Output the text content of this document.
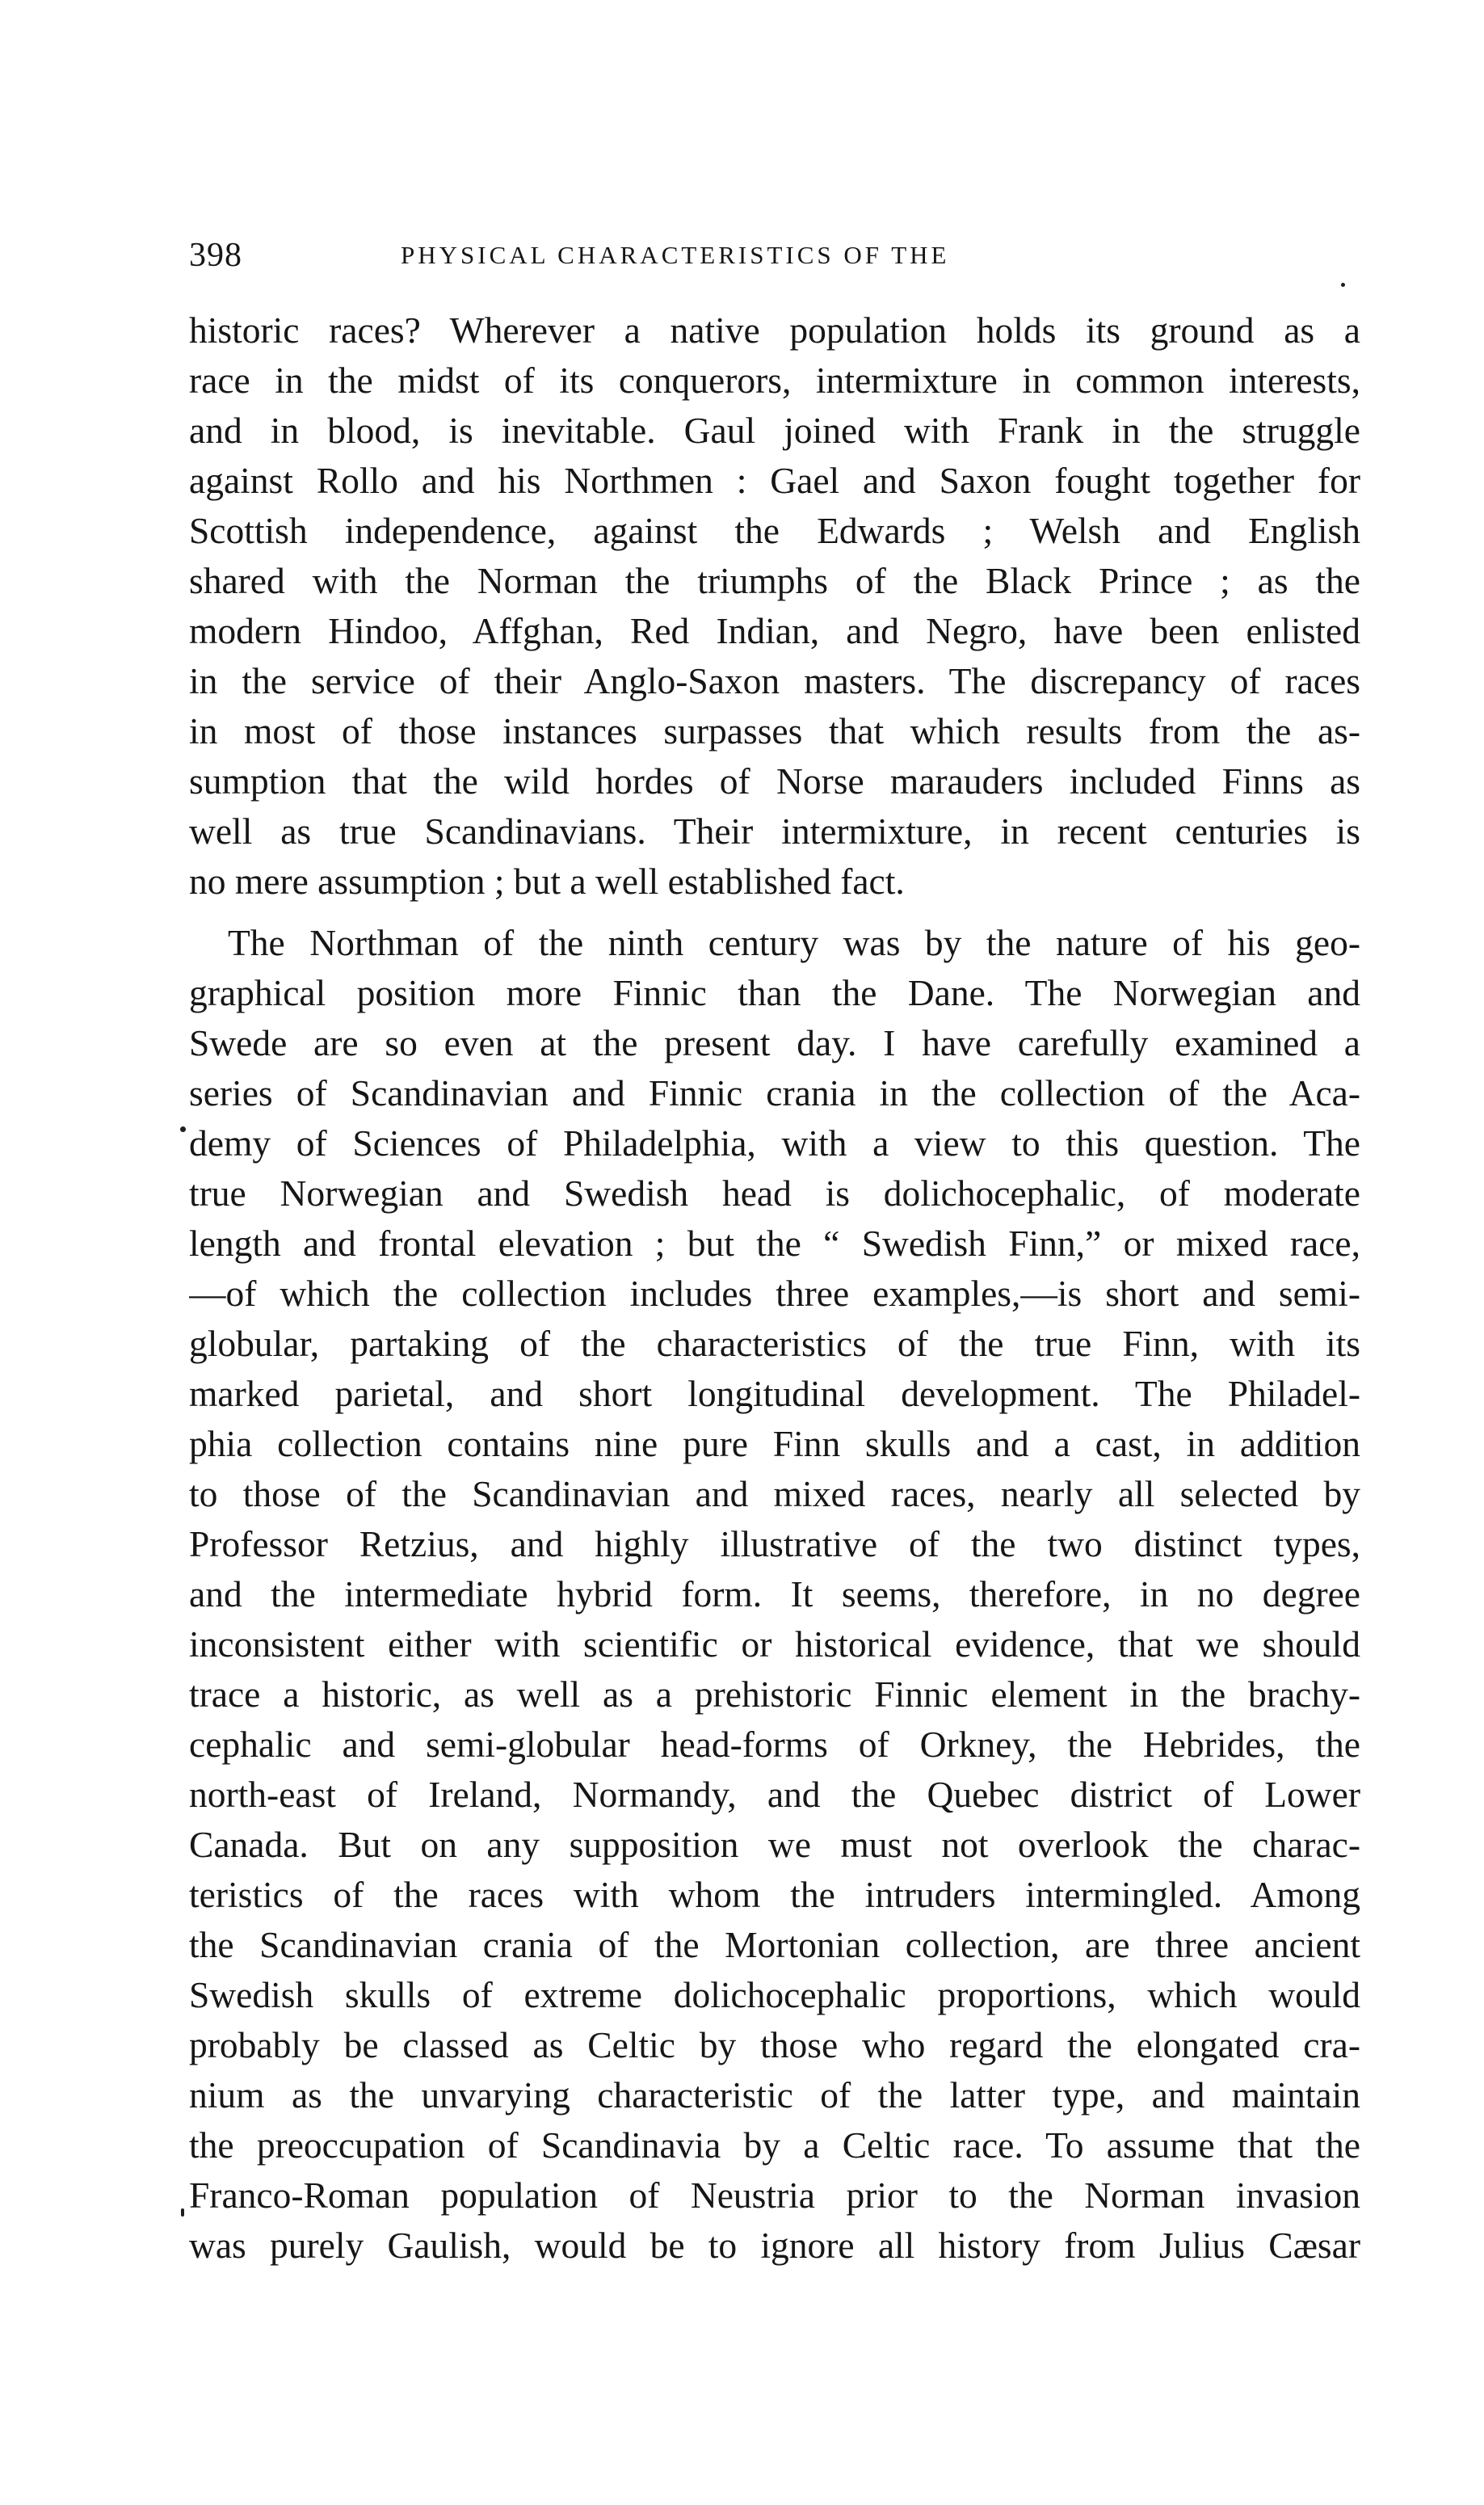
398	PHYSICAL CHARACTERISTICS OF THE
historic races? Wherever a native population holds its ground as a
race in the midst of its conquerors, intermixture in common interests,
and in blood, is inevitable. Gaul joined with Frank in the struggle
against Rollo and his Northmen : Gael and Saxon fought together for
Scottish independence, against the Edwards ; Welsh and English
shared with the Norman the triumphs of the Black Prince ; as the
modern Hindoo, Affghan, Red Indian, and Negro, have been enlisted
in the service of their Anglo-Saxon masters. The discrepancy of races
in most of those instances surpasses that which results from the as-
sumption that the wild hordes of Norse marauders included Finns as
well as true Scandinavians. Their intermixture, in recent centuries is
no mere assumption ; but a well established fact.
The Northman of the ninth century was by the nature of his geo-
graphical position more Finnic than the Dane. The Norwegian and
Swede are so even at the present day. I have carefully examined a
series of Scandinavian and Finnic crania in the collection of the Aca-
demy of Sciences of Philadelphia, with a view to this question. The
true Norwegian and Swedish head is dolichocephalic, of moderate
length and frontal elevation ; but the “ Swedish Finn,” or mixed race,
—of which the collection includes three examples,—is short and semi-
globular, partaking of the characteristics of the true Finn, with its
marked parietal, and short longitudinal development. The Philadel-
phia collection contains nine pure Finn skulls and a cast, in addition
to those of the Scandinavian and mixed races, nearly all selected by
Professor Retzius, and highly illustrative of the two distinct types,
and the intermediate hybrid form. It seems, therefore, in no degree
inconsistent either with scientific or historical evidence, that we should
trace a historic, as well as a prehistoric Finnic element in the brachy-
cephalic and semi-globular head-forms of Orkney, the Hebrides, the
north-east of Ireland, Normandy, and the Quebec district of Lower
Canada. But on any supposition we must not overlook the charac-
teristics of the races with whom the intruders intermingled. Among
the Scandinavian crania of the Mortonian collection, are three ancient
Swedish skulls of extreme dolichocephalic proportions, which would
probably be classed as Celtic by those who regard the elongated cra-
nium as the unvarying characteristic of the latter type, and maintain
the preoccupation of Scandinavia by a Celtic race. To assume that the
Franco-Roman population of Neustria prior to the Norman invasion
was purely Gaulish, would be to ignore all history from Julius Cæsar
